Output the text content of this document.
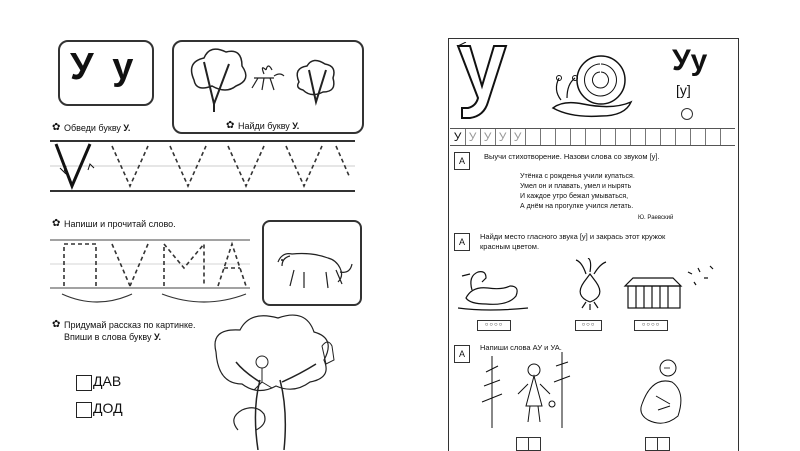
У у
✿ Обведи букву У.	✿ Найди букву У.
✿ Напиши и прочитай слово.
✿ Придумай рассказ по картинке.
Впиши в слова букву У.
ДАВ
ДОД
Уу
[у]
У У У У У
А	Выучи стихотворение. Назови слова со звуком [у].
Утёнка с рожденья учили купаться.
Умел он и плавать, умел и нырять
И каждое утро бежал умываться,
А днём на прогулке учился летать.
Ю. Раевский
А
Найди место гласного звука [у] и закрась этот кружок
красным цветом.
○○○○	○○○	○○○○
А
Напиши слова АУ и УА.
